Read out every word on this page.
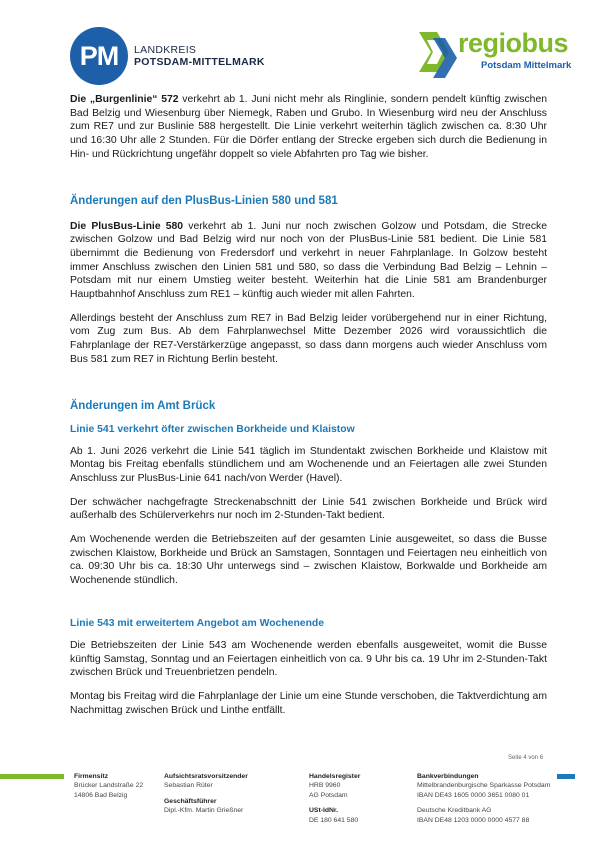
PM	LANDKREIS
POTSDAM-MITTELMARK
regiobus
Potsdam Mittelmark

Die „Burgenlinie“ 572 verkehrt ab 1. Juni nicht mehr als Ringlinie, sondern pendelt künftig zwischen Bad Belzig und Wiesenburg über Niemegk, Raben und Grubo. In Wiesenburg wird neu der Anschluss zum RE7 und zur Buslinie 588 hergestellt. Die Linie verkehrt weiterhin täglich zwischen ca. 8:30 Uhr und 16:30 Uhr alle 2 Stunden. Für die Dörfer entlang der Strecke ergeben sich durch die Bedienung in Hin- und Rückrichtung ungefähr doppelt so viele Abfahrten pro Tag wie bisher.

Änderungen auf den PlusBus-Linien 580 und 581

Die PlusBus-Linie 580 verkehrt ab 1. Juni nur noch zwischen Golzow und Potsdam, die Strecke zwischen Golzow und Bad Belzig wird nur noch von der PlusBus-Linie 581 bedient. Die Linie 581 übernimmt die Bedienung von Fredersdorf und verkehrt in neuer Fahrplanlage. In Golzow besteht immer Anschluss zwischen den Linien 581 und 580, so dass die Verbindung Bad Belzig – Lehnin – Potsdam mit nur einem Umstieg weiter besteht. Weiterhin hat die Linie 581 am Brandenburger Hauptbahnhof Anschluss zum RE1 – künftig auch wieder mit allen Fahrten.

Allerdings besteht der Anschluss zum RE7 in Bad Belzig leider vorübergehend nur in einer Richtung, vom Zug zum Bus. Ab dem Fahrplanwechsel Mitte Dezember 2026 wird voraussichtlich die Fahrplanlage der RE7-Verstärkerzüge angepasst, so dass dann morgens auch wieder Anschluss vom Bus 581 zum RE7 in Richtung Berlin besteht.

Änderungen im Amt Brück
Linie 541 verkehrt öfter zwischen Borkheide und Klaistow

Ab 1. Juni 2026 verkehrt die Linie 541 täglich im Stundentakt zwischen Borkheide und Klaistow mit Montag bis Freitag ebenfalls stündlichem und am Wochenende und an Feiertagen alle zwei Stunden Anschluss zur PlusBus-Linie 641 nach/von Werder (Havel).

Der schwächer nachgefragte Streckenabschnitt der Linie 541 zwischen Borkheide und Brück wird außerhalb des Schülerverkehrs nur noch im 2-Stunden-Takt bedient.

Am Wochenende werden die Betriebszeiten auf der gesamten Linie ausgeweitet, so dass die Busse zwischen Klaistow, Borkheide und Brück an Samstagen, Sonntagen und Feiertagen neu einheitlich von ca. 09:30 Uhr bis ca. 18:30 Uhr unterwegs sind – zwischen Klaistow, Borkwalde und Borkheide am Wochenende stündlich.

Linie 543 mit erweitertem Angebot am Wochenende

Die Betriebszeiten der Linie 543 am Wochenende werden ebenfalls ausgeweitet, womit die Busse künftig Samstag, Sonntag und an Feiertagen einheitlich von ca. 9 Uhr bis ca. 19 Uhr im 2-Stunden-Takt zwischen Brück und Treuenbrietzen pendeln.

Montag bis Freitag wird die Fahrplanlage der Linie um eine Stunde verschoben, die Taktverdichtung am Nachmittag zwischen Brück und Linthe entfällt.

Seite 4 von 6
Firmensitz
Brücker Landstraße 22
14806 Bad Belzig
Aufsichtsratsvorsitzender
Sebastian Rüter
Geschäftsführer
Dipl.-Kfm. Martin Grießner
Handelsregister
HRB 9960
AG Potsdam
USt-IdNr.
DE 180 641 580
Bankverbindungen
Mittelbrandenburgische Sparkasse Potsdam
IBAN DE43 1605 0000 3651 0080 01
Deutsche Kreditbank AG
IBAN DE48 1203 0000 0000 4577 88
